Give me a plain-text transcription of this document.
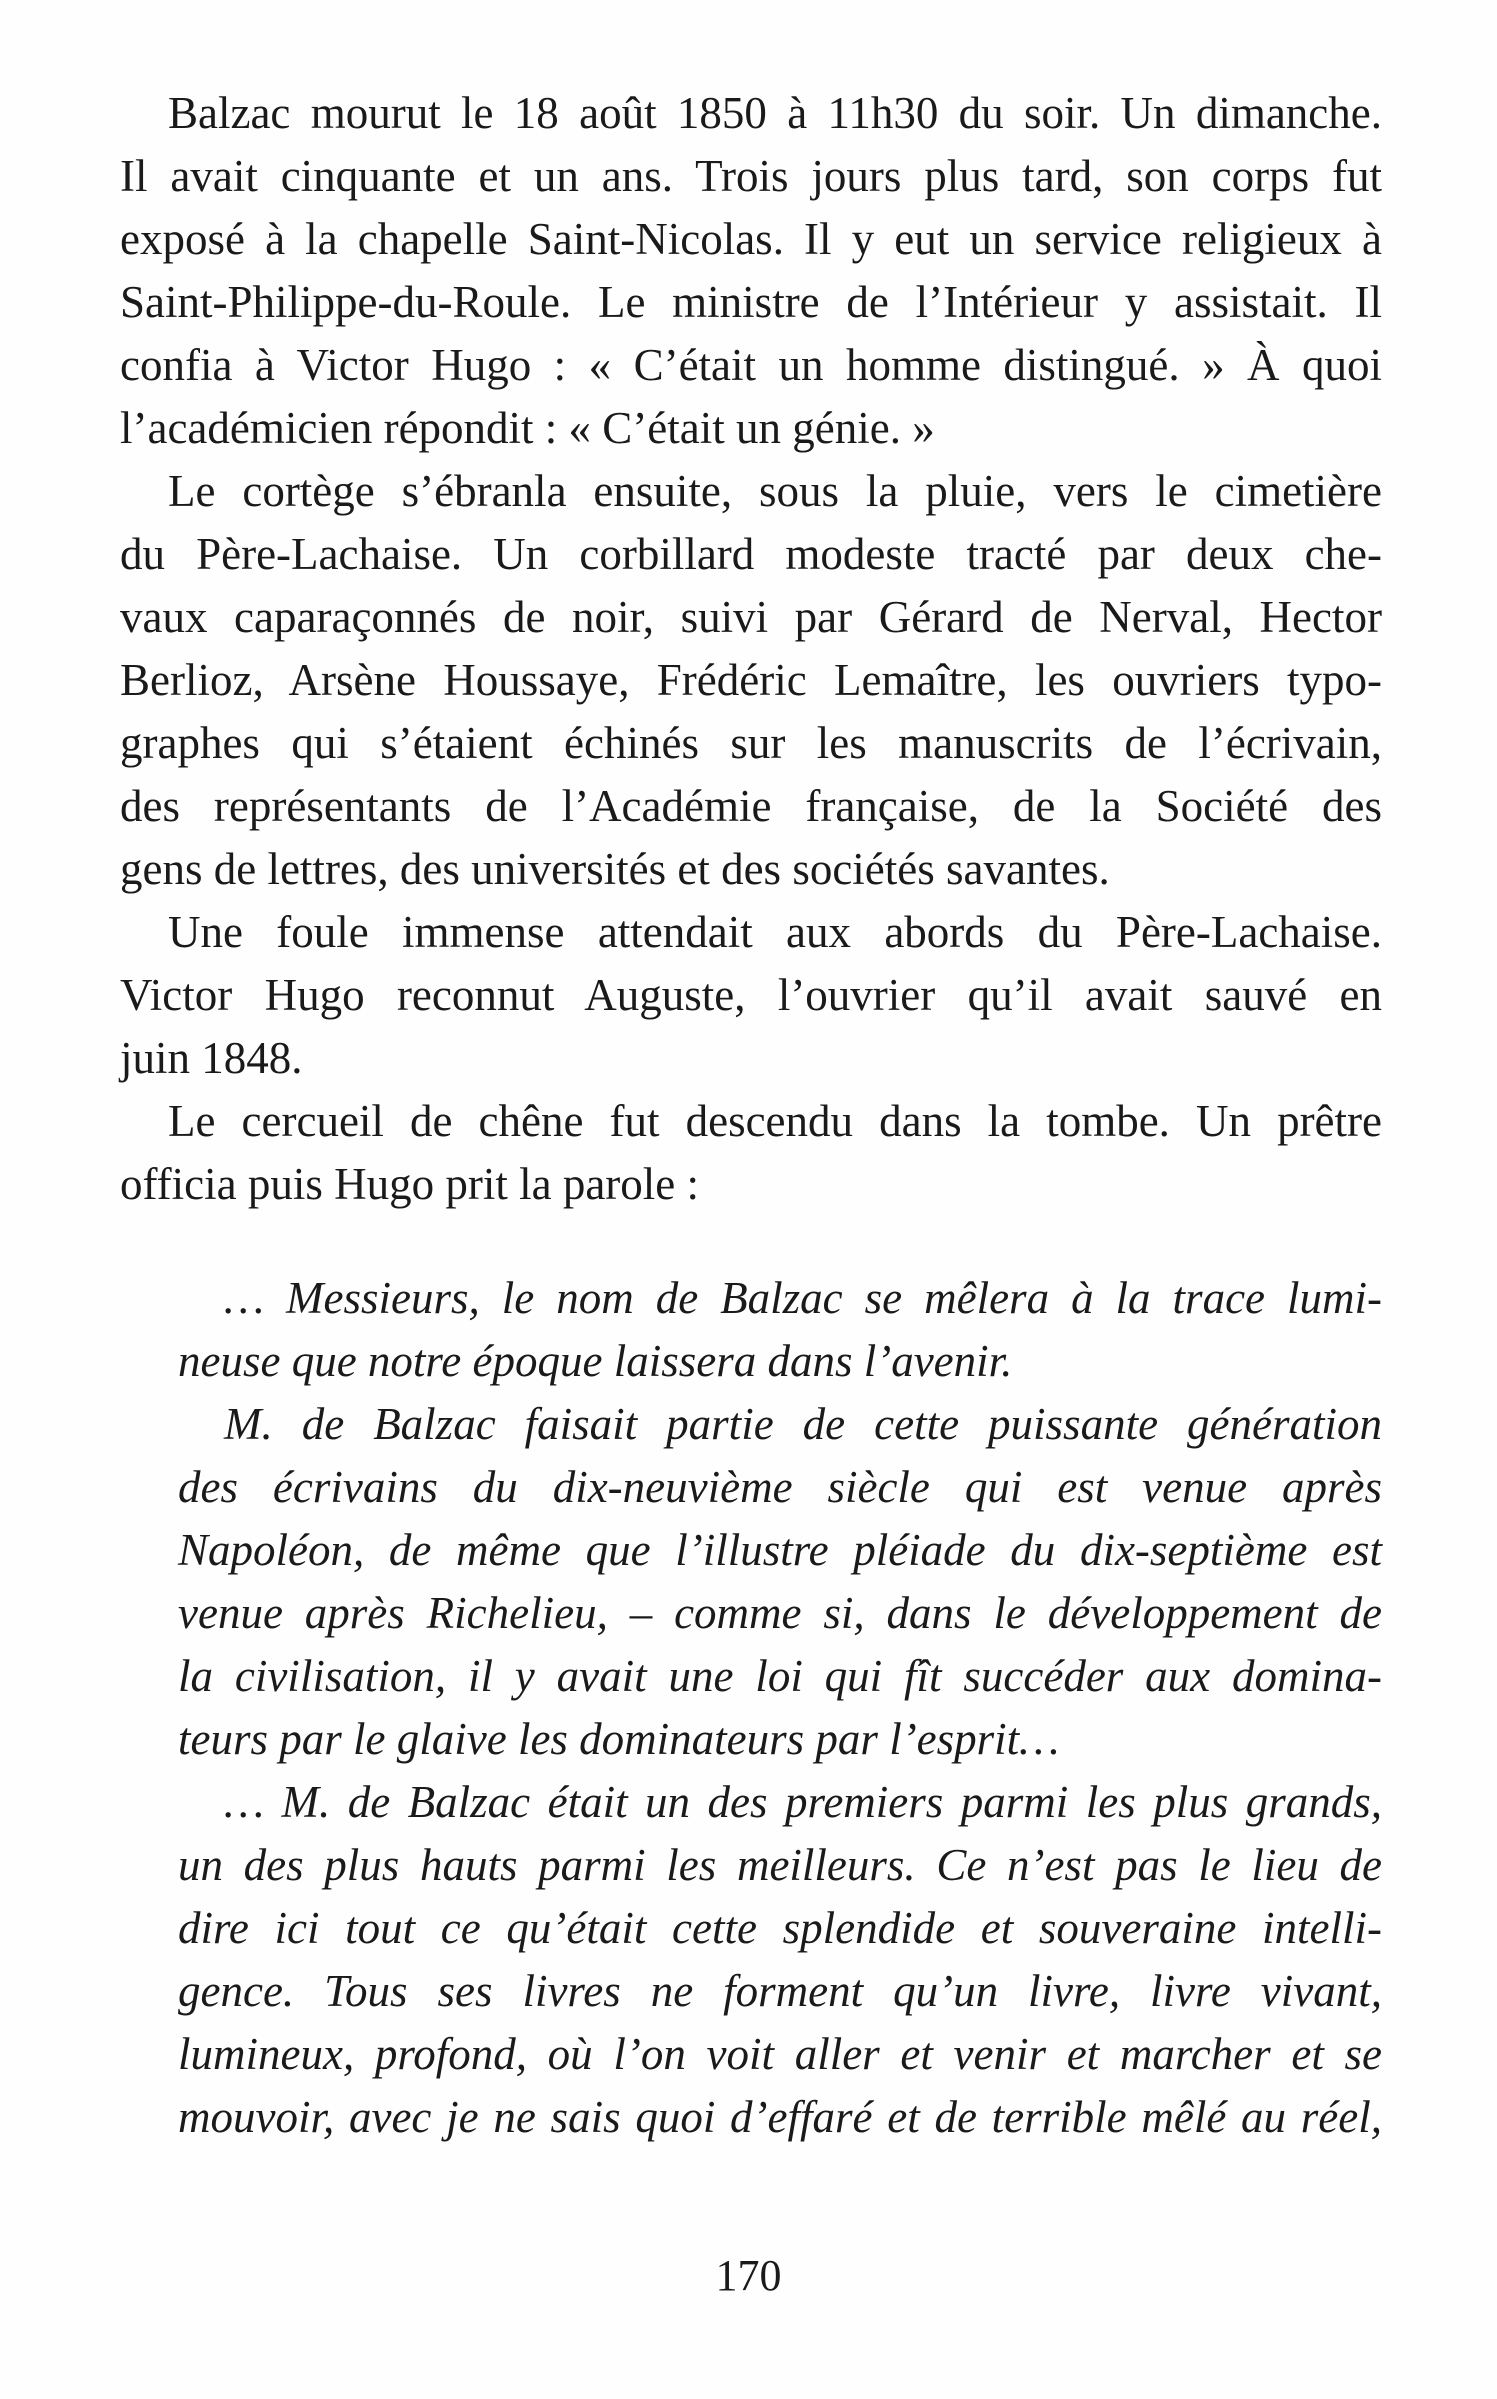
Balzac mourut le 18 août 1850 à 11h30 du soir. Un dimanche.
Il avait cinquante et un ans. Trois jours plus tard, son corps fut
exposé à la chapelle Saint-Nicolas. Il y eut un service religieux à
Saint-Philippe-du-Roule. Le ministre de l’Intérieur y assistait. Il
confia à Victor Hugo : « C’était un homme distingué. » À quoi
l’académicien répondit : « C’était un génie. »
Le cortège s’ébranla ensuite, sous la pluie, vers le cimetière
du Père-Lachaise. Un corbillard modeste tracté par deux che-
vaux caparaçonnés de noir, suivi par Gérard de Nerval, Hector
Berlioz, Arsène Houssaye, Frédéric Lemaître, les ouvriers typo-
graphes qui s’étaient échinés sur les manuscrits de l’écrivain,
des représentants de l’Académie française, de la Société des
gens de lettres, des universités et des sociétés savantes.
Une foule immense attendait aux abords du Père-Lachaise.
Victor Hugo reconnut Auguste, l’ouvrier qu’il avait sauvé en
juin 1848.
Le cercueil de chêne fut descendu dans la tombe. Un prêtre
officia puis Hugo prit la parole :
… Messieurs, le nom de Balzac se mêlera à la trace lumi-
neuse que notre époque laissera dans l’avenir.
M. de Balzac faisait partie de cette puissante génération
des écrivains du dix-neuvième siècle qui est venue après
Napoléon, de même que l’illustre pléiade du dix-septième est
venue après Richelieu, – comme si, dans le développement de
la civilisation, il y avait une loi qui fît succéder aux domina-
teurs par le glaive les dominateurs par l’esprit…
… M. de Balzac était un des premiers parmi les plus grands,
un des plus hauts parmi les meilleurs. Ce n’est pas le lieu de
dire ici tout ce qu’était cette splendide et souveraine intelli-
gence. Tous ses livres ne forment qu’un livre, livre vivant,
lumineux, profond, où l’on voit aller et venir et marcher et se
mouvoir, avec je ne sais quoi d’effaré et de terrible mêlé au réel,
170
